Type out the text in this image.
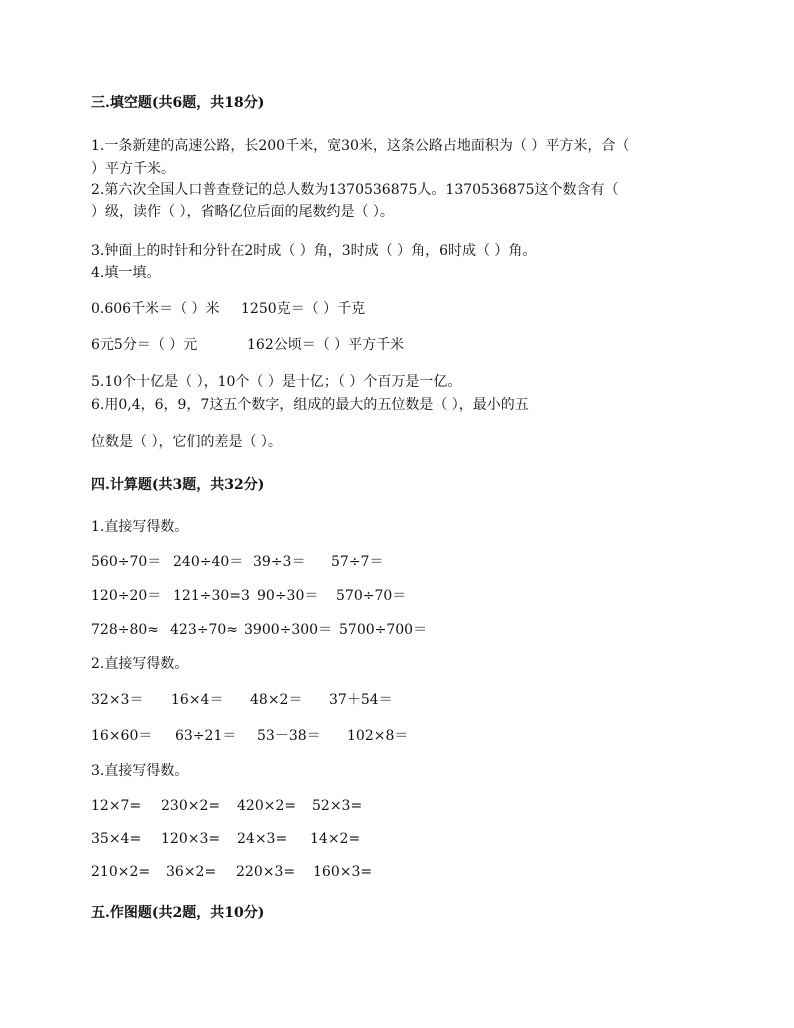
三.填空题(共6题，共18分)
1.一条新建的高速公路，长200千米，宽30米，这条公路占地面积为（ ）平方米，合（
）平方千米。
2.第六次全国人口普查登记的总人数为1370536875人。1370536875这个数含有（
）级，读作（ ），省略亿位后面的尾数约是（ ）。
3.钟面上的时针和分针在2时成（ ）角，3时成（ ）角，6时成（ ）角。
4.填一填。
0.606千米＝（ ）米 1250克＝（ ）千克
6元5分＝（ ）元	162公顷＝（ ）平方千米
5.10个十亿是（ ），10个（ ）是十亿；（ ）个百万是一亿。
6.用0,4，6，9，7这五个数字，组成的最大的五位数是（ ），最小的五
位数是（ ），它们的差是（ ）。
四.计算题(共3题，共32分)
1.直接写得数。
560÷70＝ 240÷40＝ 39÷3＝ 57÷7＝
120÷20＝ 121÷30=3 90÷30＝ 570÷70＝
728÷80≈ 423÷70≈ 3900÷300＝ 5700÷700＝
2.直接写得数。
32×3＝ 16×4＝ 48×2＝ 37＋54＝
16×60＝ 63÷21＝ 53－38＝ 102×8＝
3.直接写得数。
12×7= 230×2= 420×2= 52×3=
35×4= 120×3= 24×3= 14×2=
210×2= 36×2= 220×3= 160×3=
五.作图题(共2题，共10分)
